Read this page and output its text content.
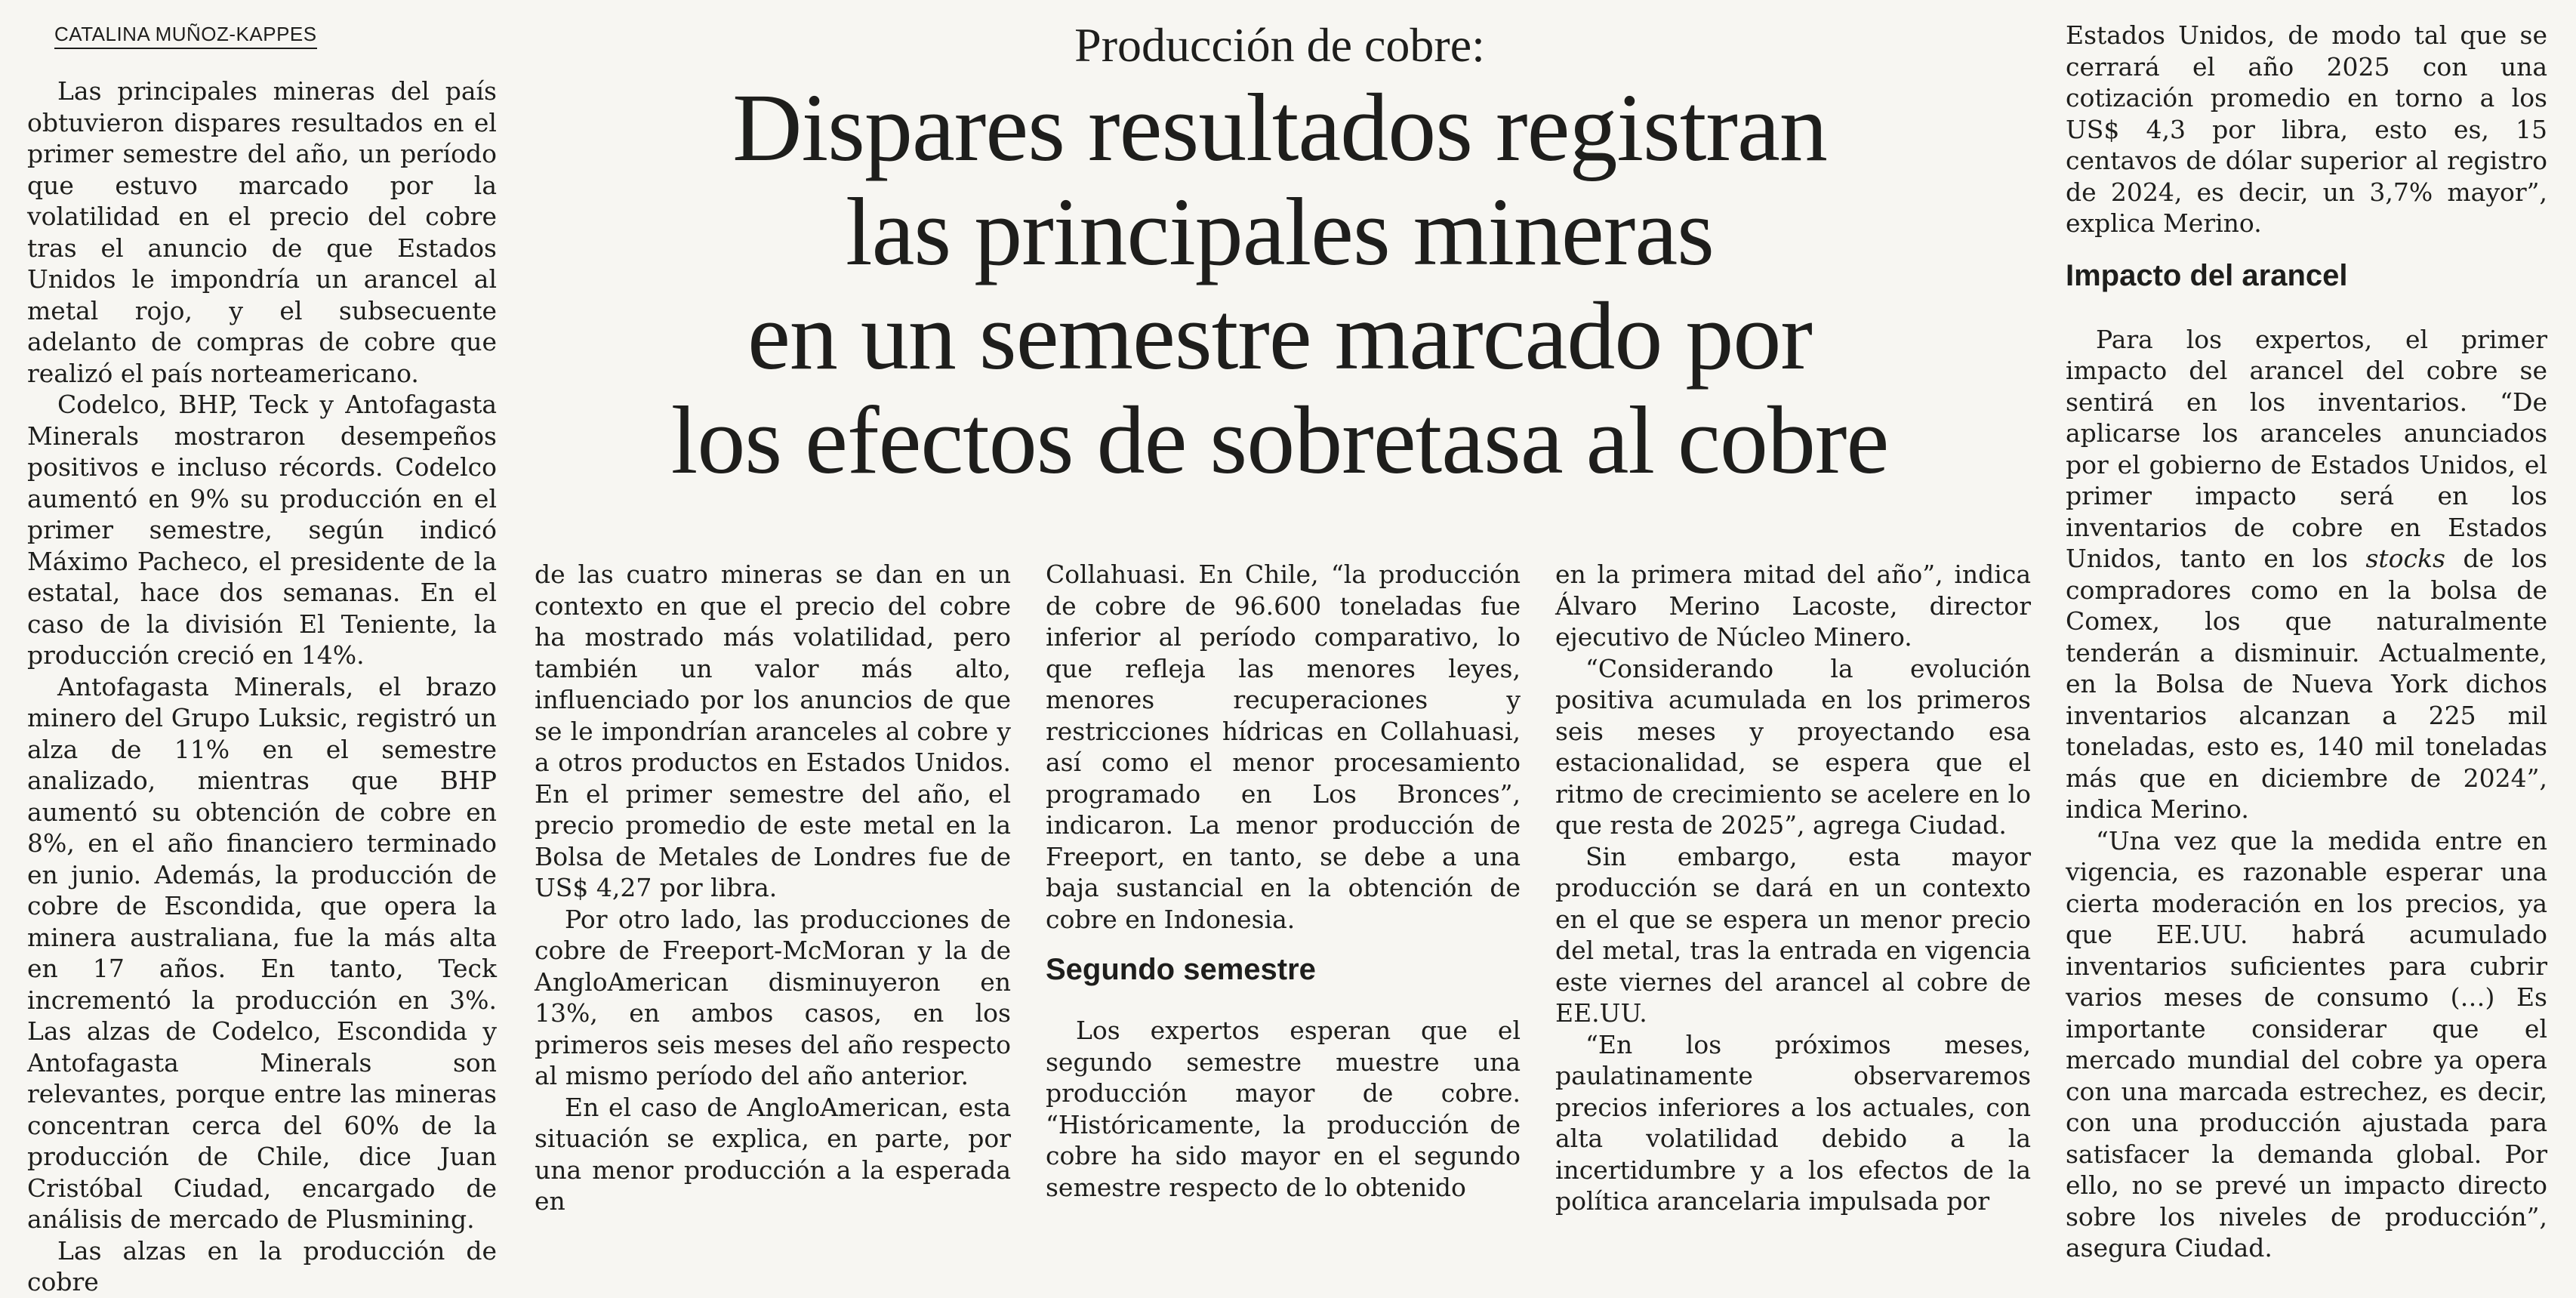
CATALINA MUÑOZ-KAPPES	Producción de cobre:
Dispares resultados registran
las principales mineras
en un semestre marcado por
los efectos de sobretasa al cobre

Las principales mineras del país obtuvieron dispares resultados en el primer semestre del año, un período que estuvo marcado por la volatilidad en el precio del cobre tras el anuncio de que Estados Unidos le impondría un arancel al metal rojo, y el subsecuente adelanto de compras de cobre que realizó el país norteamericano.

Codelco, BHP, Teck y Antofagasta Minerals mostraron desempeños positivos e incluso récords. Codelco aumentó en 9% su producción en el primer semestre, según indicó Máximo Pacheco, el presidente de la estatal, hace dos semanas. En el caso de la división El Teniente, la producción creció en 14%.

Antofagasta Minerals, el brazo minero del Grupo Luksic, registró un alza de 11% en el semestre analizado, mientras que BHP aumentó su obtención de cobre en 8%, en el año financiero terminado en junio. Además, la producción de cobre de Escondida, que opera la minera australiana, fue la más alta en 17 años. En tanto, Teck incrementó la producción en 3%. Las alzas de Codelco, Escondida y Antofagasta Minerals son relevantes, porque entre las mineras concentran cerca del 60% de la producción de Chile, dice Juan Cristóbal Ciudad, encargado de análisis de mercado de Plusmining.

Las alzas en la producción de cobre

de las cuatro mineras se dan en un contexto en que el precio del cobre ha mostrado más volatilidad, pero también un valor más alto, influenciado por los anuncios de que se le impondrían aranceles al cobre y a otros productos en Estados Unidos. En el primer semestre del año, el precio promedio de este metal en la Bolsa de Metales de Londres fue de US$ 4,27 por libra.

Por otro lado, las producciones de cobre de Freeport-McMoran y la de AngloAmerican disminuyeron en 13%, en ambos casos, en los primeros seis meses del año respecto al mismo período del año anterior.

En el caso de AngloAmerican, esta situación se explica, en parte, por una menor producción a la esperada en

Collahuasi. En Chile, “la producción de cobre de 96.600 toneladas fue inferior al período comparativo, lo que refleja las menores leyes, menores recuperaciones y restricciones hídricas en Collahuasi, así como el menor procesamiento programado en Los Bronces”, indicaron. La menor producción de Freeport, en tanto, se debe a una baja sustancial en la obtención de cobre en Indonesia.

Segundo semestre

Los expertos esperan que el segundo semestre muestre una producción mayor de cobre. “Históricamente, la producción de cobre ha sido mayor en el segundo semestre respecto de lo obtenido

en la primera mitad del año”, indica Álvaro Merino Lacoste, director ejecutivo de Núcleo Minero.

“Considerando la evolución positiva acumulada en los primeros seis meses y proyectando esa estacionalidad, se espera que el ritmo de crecimiento se acelere en lo que resta de 2025”, agrega Ciudad.

Sin embargo, esta mayor producción se dará en un contexto en el que se espera un menor precio del metal, tras la entrada en vigencia este viernes del arancel al cobre de EE.UU.

“En los próximos meses, paulatinamente observaremos precios inferiores a los actuales, con alta volatilidad debido a la incertidumbre y a los efectos de la política arancelaria impulsada por

Estados Unidos, de modo tal que se cerrará el año 2025 con una cotización promedio en torno a los US$ 4,3 por libra, esto es, 15 centavos de dólar superior al registro de 2024, es decir, un 3,7% mayor”, explica Merino.

Impacto del arancel

Para los expertos, el primer impacto del arancel del cobre se sentirá en los inventarios. “De aplicarse los aranceles anunciados por el gobierno de Estados Unidos, el primer impacto será en los inventarios de cobre en Estados Unidos, tanto en los stocks de los compradores como en la bolsa de Comex, los que naturalmente tenderán a disminuir. Actualmente, en la Bolsa de Nueva York dichos inventarios alcanzan a 225 mil toneladas, esto es, 140 mil toneladas más que en diciembre de 2024”, indica Merino.

“Una vez que la medida entre en vigencia, es razonable esperar una cierta moderación en los precios, ya que EE.UU. habrá acumulado inventarios suficientes para cubrir varios meses de consumo (…) Es importante considerar que el mercado mundial del cobre ya opera con una marcada estrechez, es decir, con una producción ajustada para satisfacer la demanda global. Por ello, no se prevé un impacto directo sobre los niveles de producción”, asegura Ciudad.
